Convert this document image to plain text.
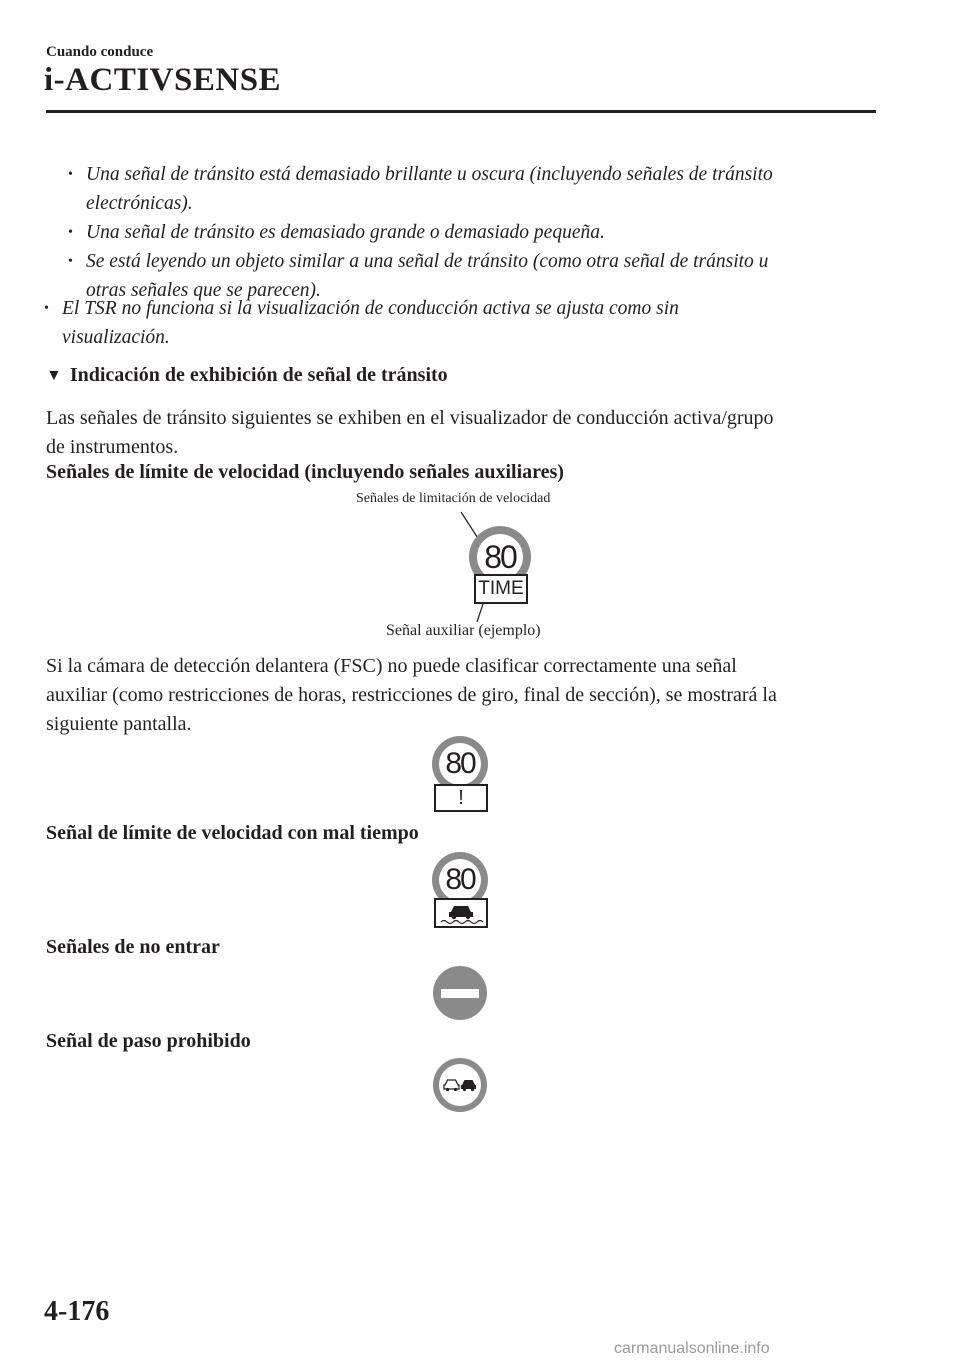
Cuando conduce
i-ACTIVSENSE
• Una señal de tránsito está demasiado brillante u oscura (incluyendo señales de tránsito
electrónicas).
• Una señal de tránsito es demasiado grande o demasiado pequeña.
• Se está leyendo un objeto similar a una señal de tránsito (como otra señal de tránsito u
otras señales que se parecen).
• El TSR no funciona si la visualización de conducción activa se ajusta como sin
visualización.
▼ Indicación de exhibición de señal de tránsito
Las señales de tránsito siguientes se exhiben en el visualizador de conducción activa/grupo
de instrumentos.
Señales de límite de velocidad (incluyendo señales auxiliares)
Señales de limitación de velocidad
80
TIME
Señal auxiliar (ejemplo)
Si la cámara de detección delantera (FSC) no puede clasificar correctamente una señal
auxiliar (como restricciones de horas, restricciones de giro, final de sección), se mostrará la
siguiente pantalla.
80
!
Señal de límite de velocidad con mal tiempo
80
Señales de no entrar
Señal de paso prohibido
4-176
carmanualsonline.info
